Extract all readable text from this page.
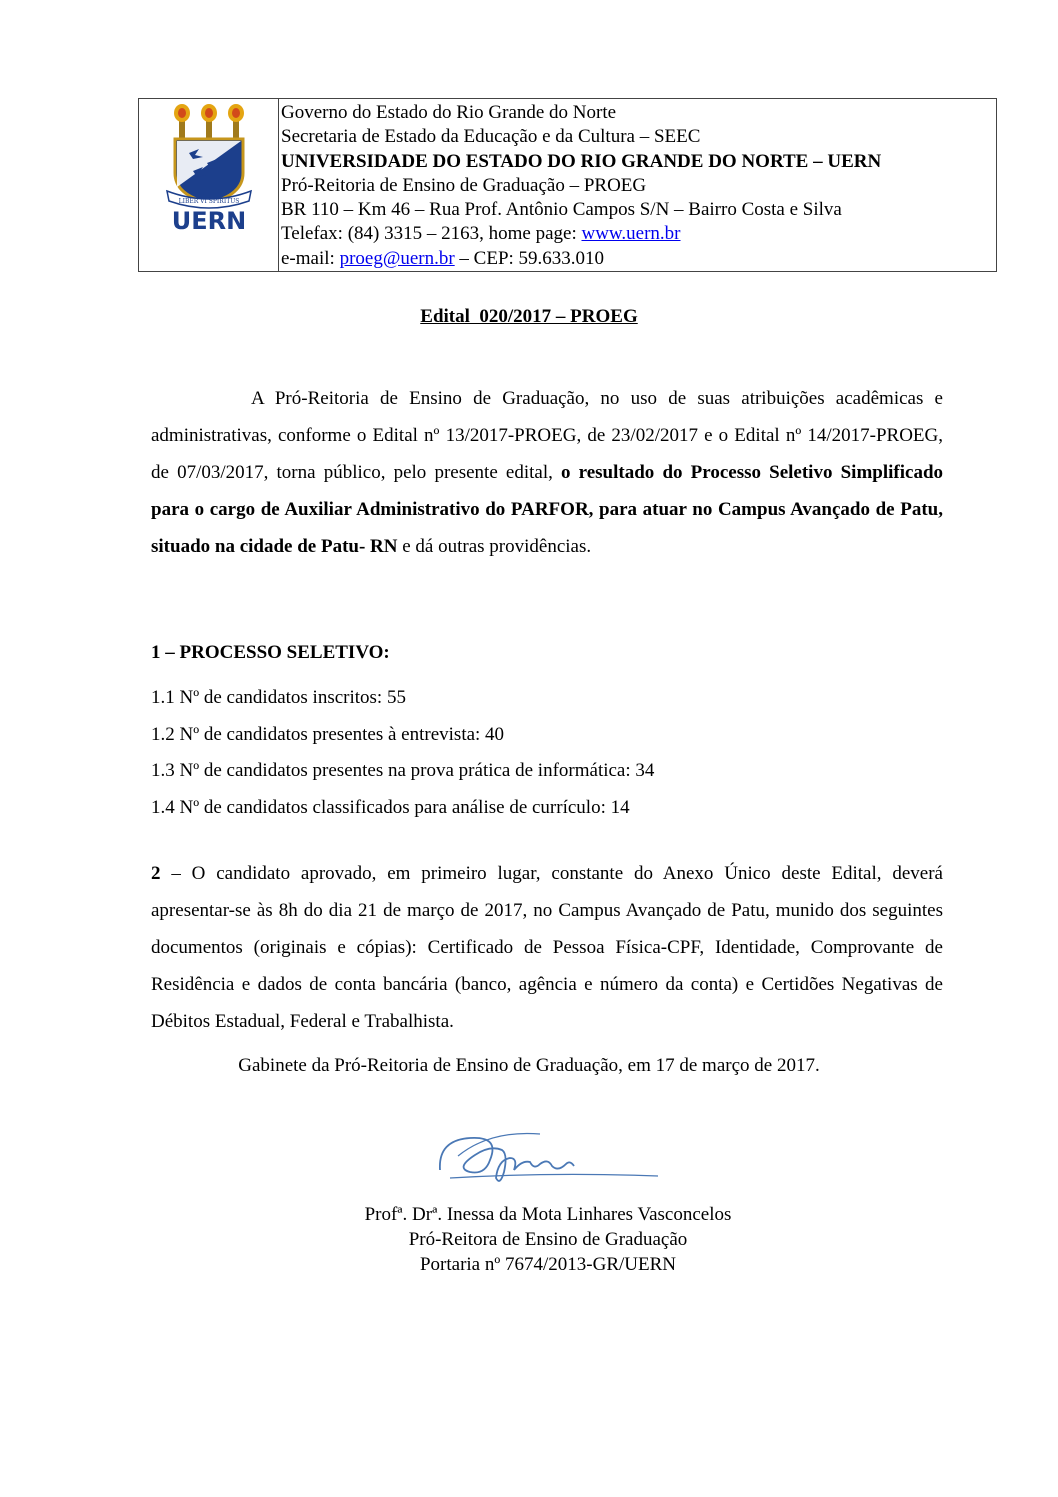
LIBER VI SPIRITUS
UERN
Governo do Estado do Rio Grande do Norte
Secretaria de Estado da Educação e da Cultura – SEEC
UNIVERSIDADE DO ESTADO DO RIO GRANDE DO NORTE – UERN
Pró-Reitoria de Ensino de Graduação – PROEG
BR 110 – Km 46 – Rua Prof. Antônio Campos S/N – Bairro Costa e Silva
Telefax: (84) 3315 – 2163, home page: www.uern.br
e-mail: proeg@uern.br – CEP: 59.633.010
Edital  020/2017 – PROEG
A Pró-Reitoria de Ensino de Graduação, no uso de suas atribuições acadêmicas e administrativas, conforme o Edital nº 13/2017-PROEG, de 23/02/2017 e o Edital nº 14/2017-PROEG, de 07/03/2017, torna público, pelo presente edital, o resultado do Processo Seletivo Simplificado para o cargo de Auxiliar Administrativo do PARFOR, para atuar no Campus Avançado de Patu, situado na cidade de Patu- RN e dá outras providências.
1 – PROCESSO SELETIVO:
1.1 Nº de candidatos inscritos: 55
1.2 Nº de candidatos presentes à entrevista: 40
1.3 Nº de candidatos presentes na prova prática de informática: 34
1.4 Nº de candidatos classificados para análise de currículo: 14
2 – O candidato aprovado, em primeiro lugar, constante do Anexo Único deste Edital, deverá apresentar-se às 8h do dia 21 de março de 2017, no Campus Avançado de Patu, munido dos seguintes documentos (originais e cópias): Certificado de Pessoa Física-CPF, Identidade, Comprovante de Residência e dados de conta bancária (banco, agência e número da conta) e Certidões Negativas de Débitos Estadual, Federal e Trabalhista.
Gabinete da Pró-Reitoria de Ensino de Graduação, em 17 de março de 2017.
Profª. Drª. Inessa da Mota Linhares Vasconcelos
Pró-Reitora de Ensino de Graduação
Portaria nº 7674/2013-GR/UERN
